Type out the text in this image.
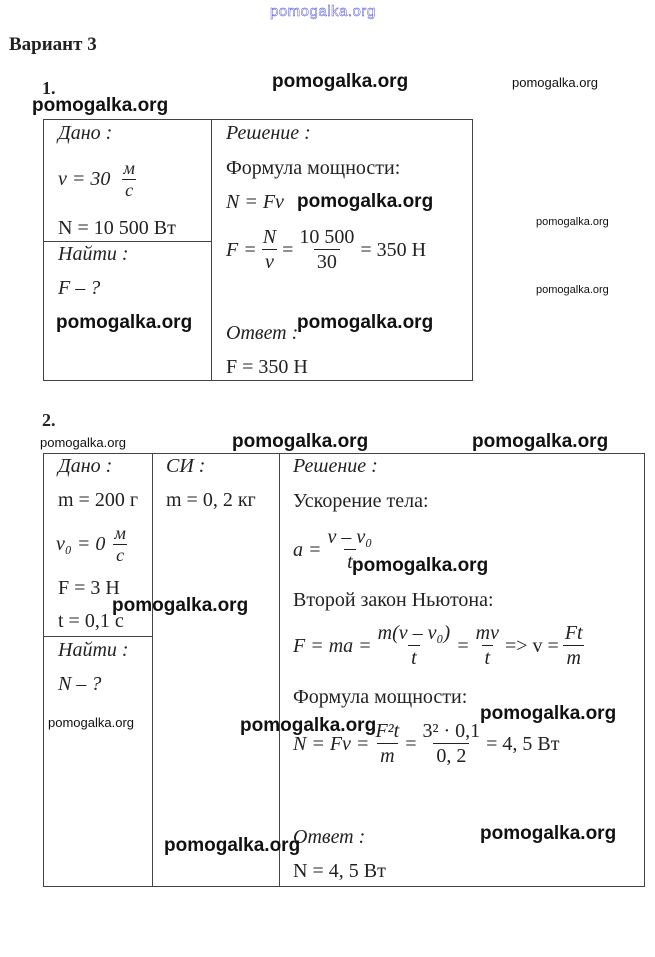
pomogalka.org
Вариант 3
1.
Дано :
$v = 30 \frac{м}{с}$
N = 10 500 Вт
Найти :
F – ?
Решение :
Формула мощности:
N = Fv
$F = \frac{N}{v} = \frac{10 500}{30} = 350$ Н
Ответ :
F = 350 Н
2.
Дано :
m = 200 г
$v_0 = 0 \frac{м}{с}$
F = 3 Н
t = 0,1 с
Найти :
N – ?
СИ :
m = 0, 2 кг
Решение :
Ускорение тела:
$a = \frac{\text{v – v₀}}{t}$
Второй закон Ньютона:
F = ma = $\frac{\text{m(v – v₀)}}{t} = \frac{mv}{t} => v = \frac{Ft}{m}$
Формула мощности:
$N = Fv = \frac{\text{F²t}}{m} = \frac{\text{3² · 0,1}}{0, 2} = 4$, 5 Вт
Ответ :
N = 4, 5 Вт
pomogalka.org	pomogalka.org
pomogalka.org
pomogalka.org
pomogalka.org
pomogalka.org
pomogalka.org	pomogalka.org
pomogalka.org	pomogalka.org	pomogalka.org
pomogalka.org
pomogalka.org
pomogalka.org
pomogalka.org	pomogalka.org
pomogalka.org
pomogalka.org
